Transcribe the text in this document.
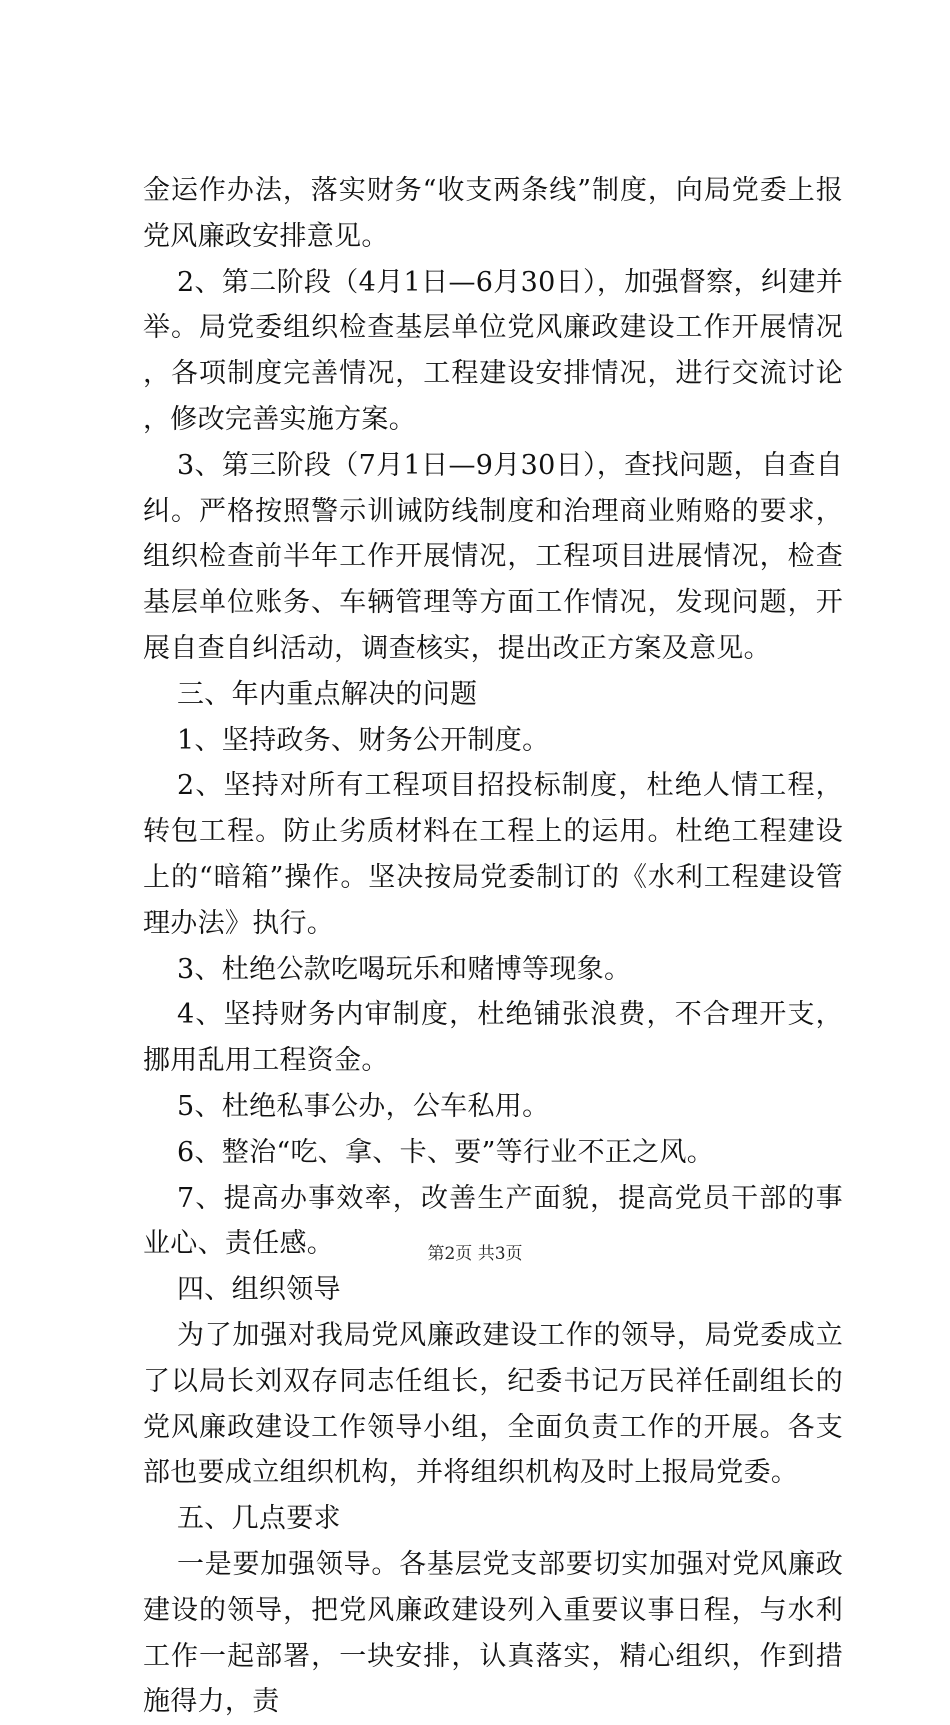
金运作办法，落实财务“收支两条线”制度，向局党委上报党风廉政安排意见。

2、第二阶段（4月1日—6月30日），加强督察，纠建并举。局党委组织检查基层单位党风廉政建设工作开展情况，各项制度完善情况，工程建设安排情况，进行交流讨论，修改完善实施方案。

3、第三阶段（7月1日—9月30日），查找问题，自查自纠。严格按照警示训诫防线制度和治理商业贿赂的要求，组织检查前半年工作开展情况，工程项目进展情况，检查基层单位账务、车辆管理等方面工作情况，发现问题，开展自查自纠活动，调查核实，提出改正方案及意见。

三、年内重点解决的问题

1、坚持政务、财务公开制度。

2、坚持对所有工程项目招投标制度，杜绝人情工程，转包工程。防止劣质材料在工程上的运用。杜绝工程建设上的“暗箱”操作。坚决按局党委制订的《水利工程建设管理办法》执行。

3、杜绝公款吃喝玩乐和赌博等现象。

4、坚持财务内审制度，杜绝铺张浪费，不合理开支，挪用乱用工程资金。

5、杜绝私事公办，公车私用。

6、整治“吃、拿、卡、要”等行业不正之风。

7、提高办事效率，改善生产面貌，提高党员干部的事业心、责任感。

四、组织领导

为了加强对我局党风廉政建设工作的领导，局党委成立了以局长刘双存同志任组长，纪委书记万民祥任副组长的党风廉政建设工作领导小组，全面负责工作的开展。各支部也要成立组织机构，并将组织机构及时上报局党委。

五、几点要求

一是要加强领导。各基层党支部要切实加强对党风廉政建设的领导，把党风廉政建设列入重要议事日程，与水利工作一起部署，一块安排，认真落实，精心组织，作到措施得力，责

第2页 共3页
